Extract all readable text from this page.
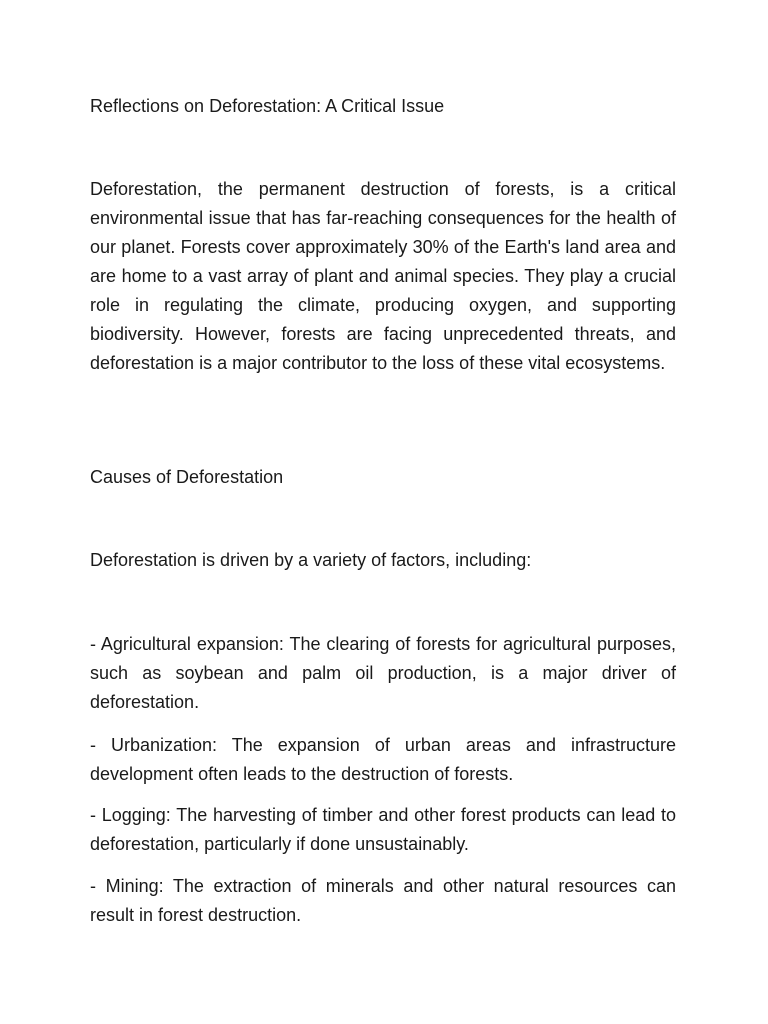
Reflections on Deforestation: A Critical Issue

Deforestation, the permanent destruction of forests, is a critical environmental issue that has far-reaching consequences for the health of our planet. Forests cover approximately 30% of the Earth's land area and are home to a vast array of plant and animal species. They play a crucial role in regulating the climate, producing oxygen, and supporting biodiversity. However, forests are facing unprecedented threats, and deforestation is a major contributor to the loss of these vital ecosystems.

Causes of Deforestation

Deforestation is driven by a variety of factors, including:

- Agricultural expansion: The clearing of forests for agricultural purposes, such as soybean and palm oil production, is a major driver of deforestation.

- Urbanization: The expansion of urban areas and infrastructure development often leads to the destruction of forests.

- Logging: The harvesting of timber and other forest products can lead to deforestation, particularly if done unsustainably.

- Mining: The extraction of minerals and other natural resources can result in forest destruction.
